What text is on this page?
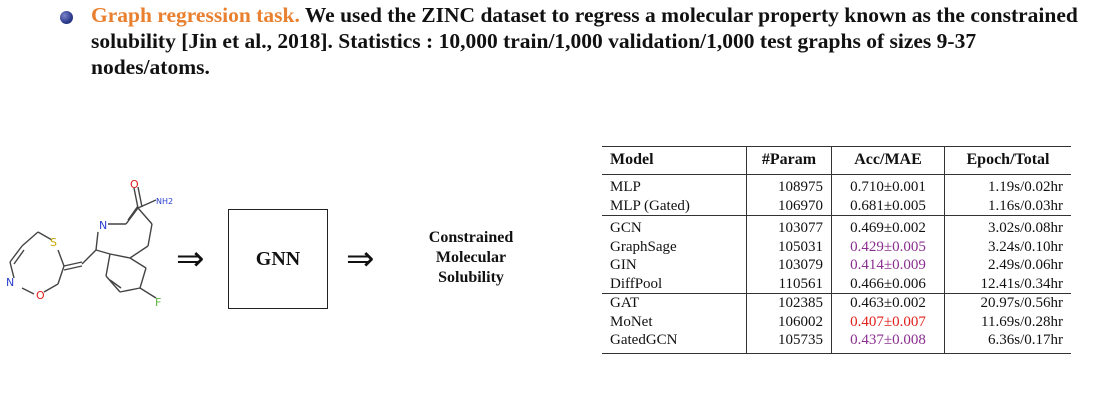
Graph regression task. We used the ZINC dataset to regress a molecular property known as the constrained solubility [Jin et al., 2018]. Statistics : 10,000 train/1,000 validation/1,000 test graphs of sizes 9-37 nodes/atoms.
S
N
O
N
O
NH2
F
⇒	GNN ⇒
Constrained
Molecular
Solubility
Model	#Param	Acc/MAE	Epoch/Total
MLP	108975	0.710±0.001	1.19s/0.02hr
MLP (Gated)	106970	0.681±0.005	1.16s/0.03hr
GCN	103077	0.469±0.002	3.02s/0.08hr
GraphSage	105031	0.429±0.005	3.24s/0.10hr
GIN	103079	0.414±0.009	2.49s/0.06hr
DiffPool	110561	0.466±0.006	12.41s/0.34hr
GAT	102385	0.463±0.002	20.97s/0.56hr
MoNet	106002	0.407±0.007	11.69s/0.28hr
GatedGCN	105735	0.437±0.008	6.36s/0.17hr
